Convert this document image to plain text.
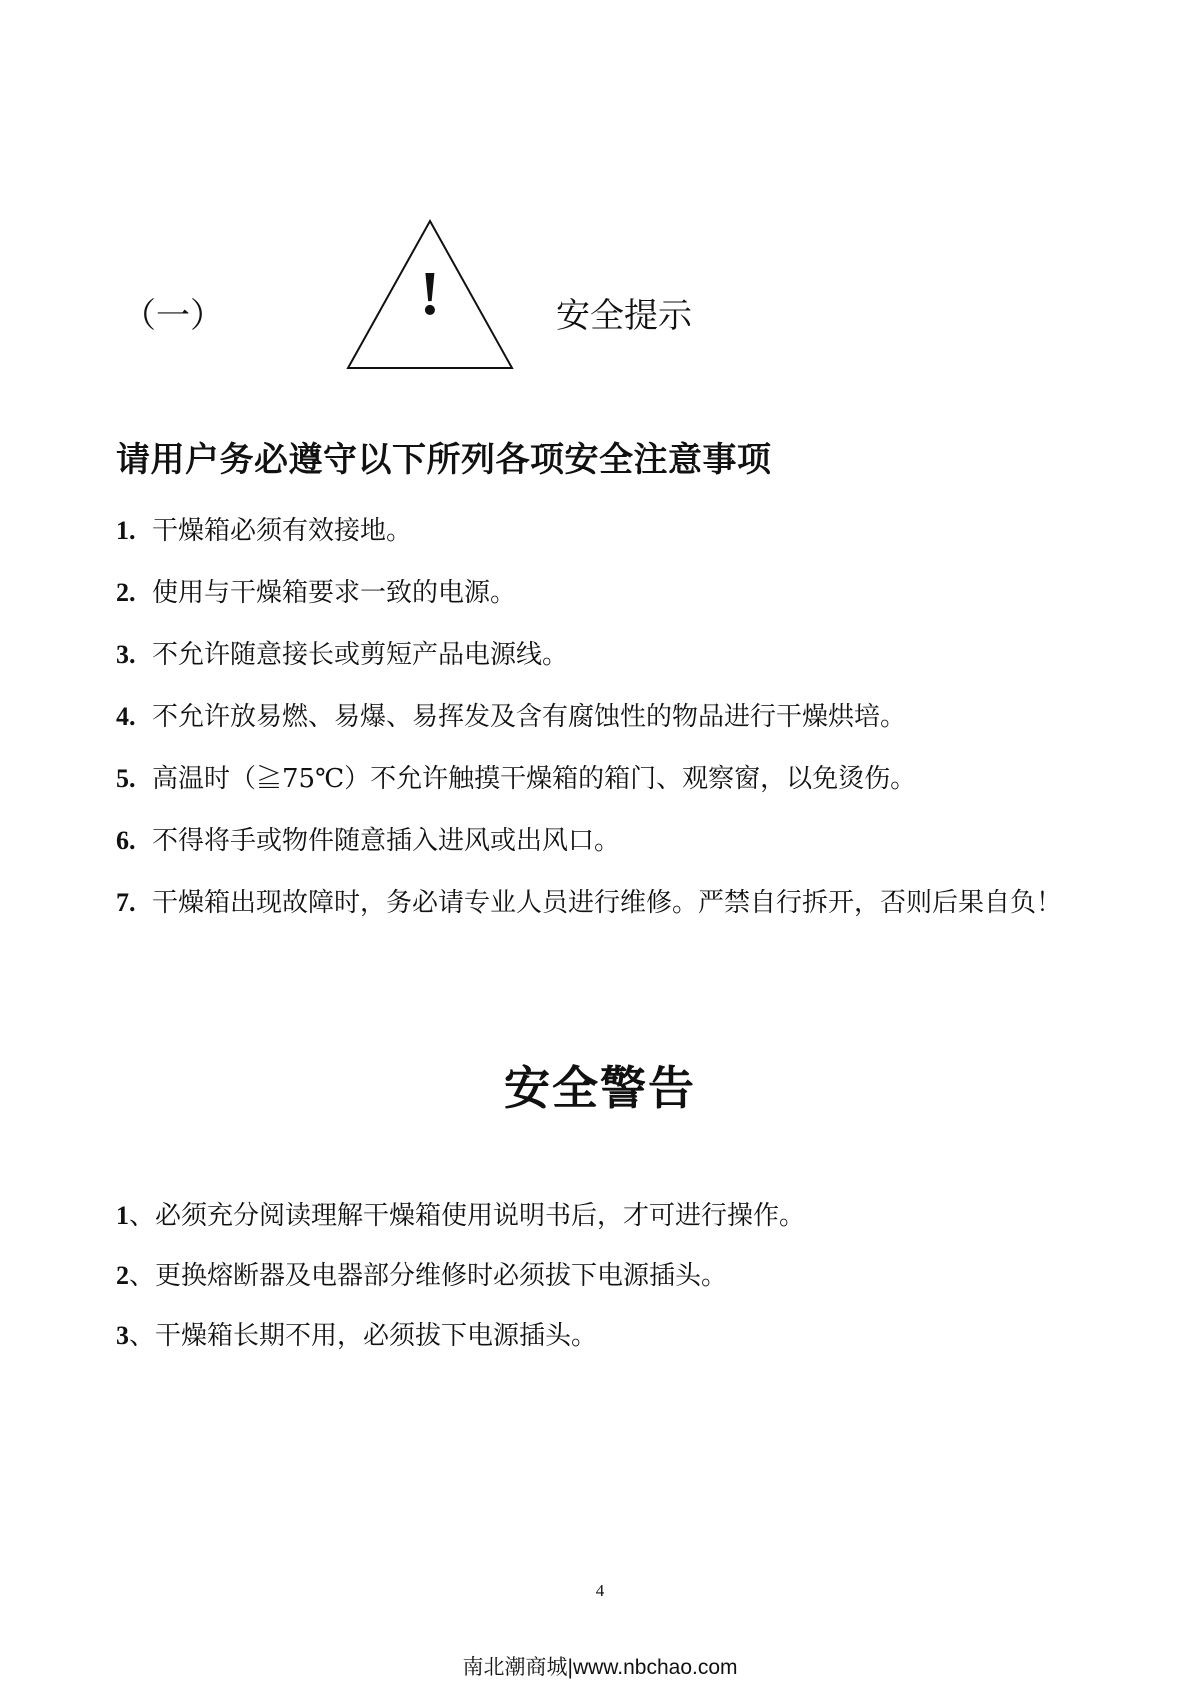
（一）	!	安全提示
请用户务必遵守以下所列各项安全注意事项
1. 干燥箱必须有效接地。
2. 使用与干燥箱要求一致的电源。
3. 不允许随意接长或剪短产品电源线。
4. 不允许放易燃、易爆、易挥发及含有腐蚀性的物品进行干燥烘培。
5. 高温时（≧75℃）不允许触摸干燥箱的箱门、观察窗，以免烫伤。
6. 不得将手或物件随意插入进风或出风口。
7. 干燥箱出现故障时，务必请专业人员进行维修。严禁自行拆开，否则后果自负！
安全警告
1 、必须充分阅读理解干燥箱使用说明书后，才可进行操作。
2 、更换熔断器及电器部分维修时必须拔下电源插头。
3 、干燥箱长期不用，必须拔下电源插头。
4
南北潮商城|www.nbchao.com
